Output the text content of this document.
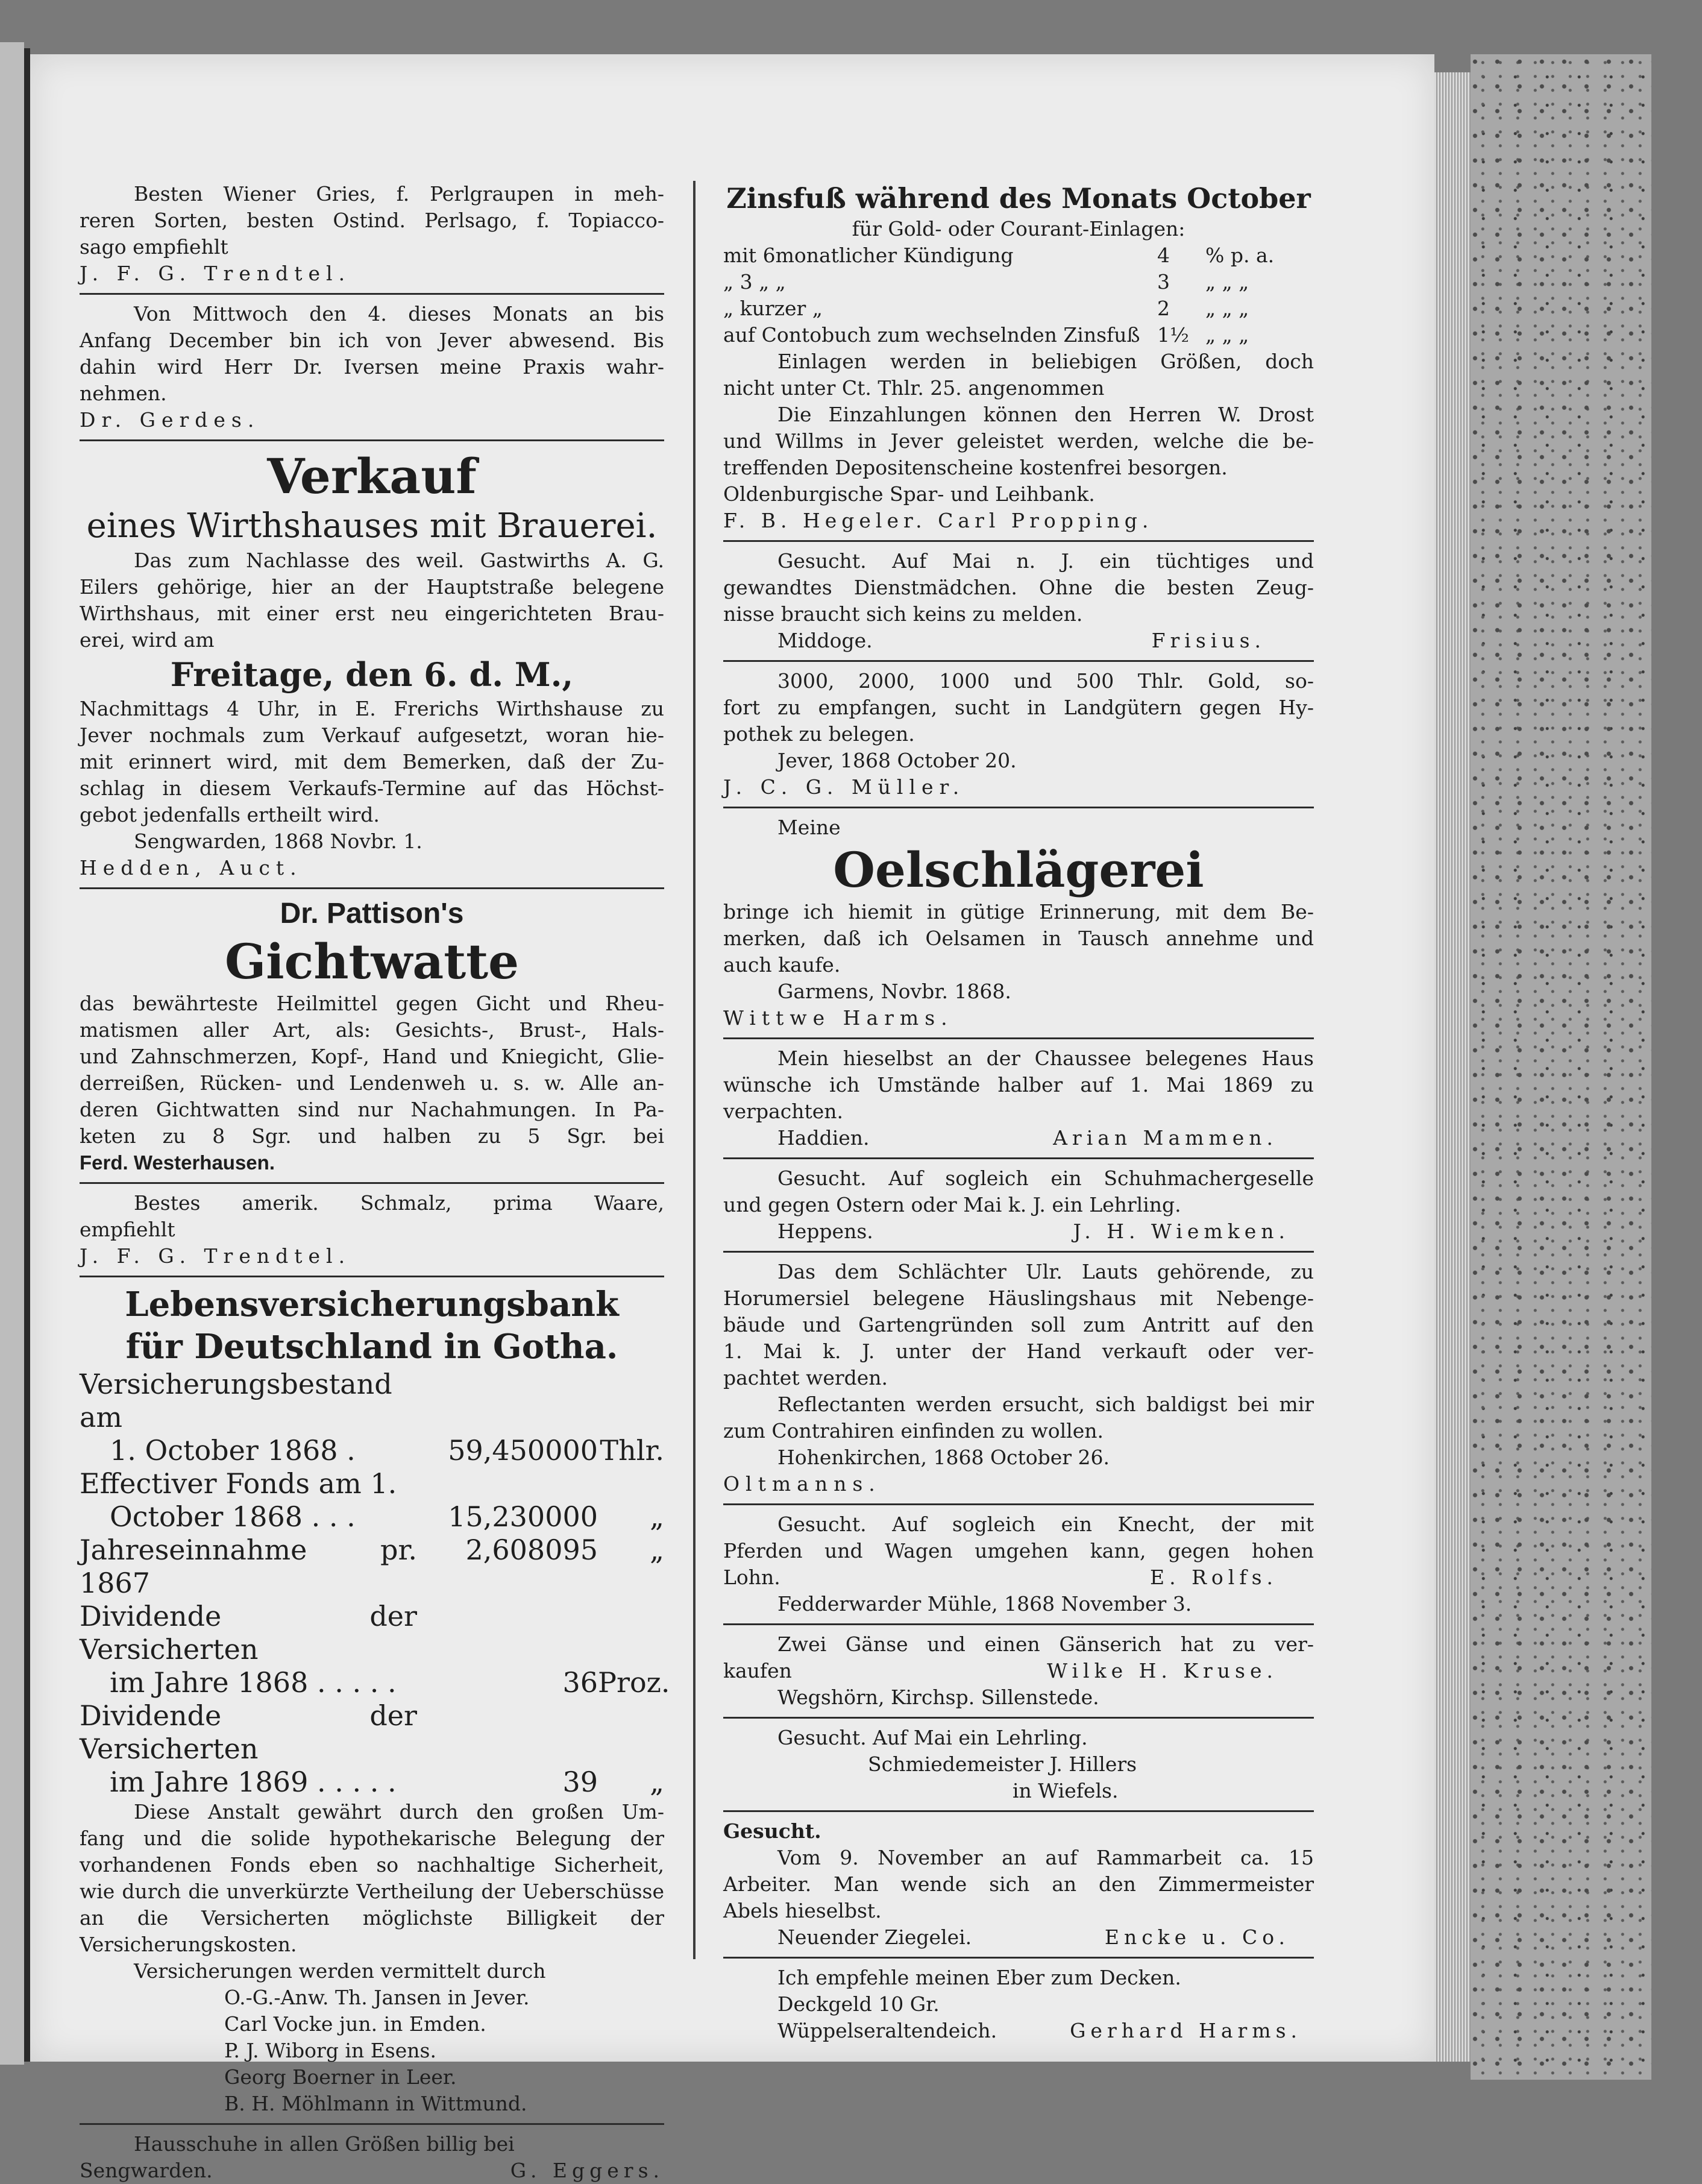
Besten Wiener Gries, f. Perlgraupen in meh-
reren Sorten, besten Ostind. Perlsago, f. Topiacco-
sago empfiehlt
J. F. G. Trendtel.
Von Mittwoch den 4. dieses Monats an bis
Anfang December bin ich von Jever abwesend. Bis
dahin wird Herr Dr. Iversen meine Praxis wahr-
nehmen.
Dr. Gerdes.
Verkauf
eines Wirthshauses mit Brauerei.
Das zum Nachlasse des weil. Gastwirths A. G.
Eilers gehörige, hier an der Hauptstraße belegene
Wirthshaus, mit einer erst neu eingerichteten Brau-
erei, wird am
Freitage, den 6. d. M.,
Nachmittags 4 Uhr, in E. Frerichs Wirthshause zu
Jever nochmals zum Verkauf aufgesetzt, woran hie-
mit erinnert wird, mit dem Bemerken, daß der Zu-
schlag in diesem Verkaufs-Termine auf das Höchst-
gebot jedenfalls ertheilt wird.
Sengwarden, 1868 Novbr. 1.
Hedden, Auct.
Dr. Pattison's
Gichtwatte
das bewährteste Heilmittel gegen Gicht und Rheu-
matismen aller Art, als: Gesichts-, Brust-, Hals-
und Zahnschmerzen, Kopf-, Hand und Kniegicht, Glie-
derreißen, Rücken- und Lendenweh u. s. w. Alle an-
deren Gichtwatten sind nur Nachahmungen. In Pa-
keten zu 8 Sgr. und halben zu 5 Sgr. bei
Ferd. Westerhausen.
Bestes amerik. Schmalz, prima Waare,
empfiehlt
J. F. G. Trendtel.
Lebensversicherungsbank
für Deutschland in Gotha.
Versicherungsbestand am
1. October 1868 .	59,450000 Thlr.
Effectiver Fonds am 1.
October 1868 . . .	15,230000	„
Jahreseinnahme pr. 1867
2,608095	„
Dividende der Versicherten
im Jahre 1868 . . . . .	36 Proz.
Dividende der Versicherten
im Jahre 1869 . . . . .	39	„
Diese Anstalt gewährt durch den großen Um-
fang und die solide hypothekarische Belegung der
vorhandenen Fonds eben so nachhaltige Sicherheit,
wie durch die unverkürzte Vertheilung der Ueberschüsse
an die Versicherten möglichste Billigkeit der
Versicherungskosten.
Versicherungen werden vermittelt durch
O.-G.-Anw. Th. Jansen in Jever.
Carl Vocke jun. in Emden.
P. J. Wiborg in Esens.
Georg Boerner in Leer.
B. H. Möhlmann in Wittmund.
Hausschuhe in allen Größen billig bei
Sengwarden.	G. Eggers.
Zinsfuß während des Monats October
für Gold- oder Courant-Einlagen:
mit 6monatlicher Kündigung	4	% p. a.
„ 3 „ „	3	„ „ „
„ kurzer „	2	„ „ „
auf Contobuch zum wechselnden Zinsfuß 1½ „ „ „
Einlagen werden in beliebigen Größen, doch
nicht unter Ct. Thlr. 25. angenommen
Die Einzahlungen können den Herren W. Drost
und Willms in Jever geleistet werden, welche die be-
treffenden Depositenscheine kostenfrei besorgen.
Oldenburgische Spar- und Leihbank.
F. B. Hegeler. Carl Propping.
Gesucht. Auf Mai n. J. ein tüchtiges und
gewandtes Dienstmädchen. Ohne die besten Zeug-
nisse braucht sich keins zu melden.
Middoge.	Frisius.
3000, 2000, 1000 und 500 Thlr. Gold, so-
fort zu empfangen, sucht in Landgütern gegen Hy-
pothek zu belegen.
Jever, 1868 October 20.
J. C. G. Müller.
Meine
Oelschlägerei
bringe ich hiemit in gütige Erinnerung, mit dem Be-
merken, daß ich Oelsamen in Tausch annehme und
auch kaufe.
Garmens, Novbr. 1868.
Wittwe Harms.
Mein hieselbst an der Chaussee belegenes Haus
wünsche ich Umstände halber auf 1. Mai 1869 zu
verpachten.
Haddien.	Arian Mammen.
Gesucht. Auf sogleich ein Schuhmachergeselle
und gegen Ostern oder Mai k. J. ein Lehrling.
Heppens.	J. H. Wiemken.
Das dem Schlächter Ulr. Lauts gehörende, zu
Horumersiel belegene Häuslingshaus mit Nebenge-
bäude und Gartengründen soll zum Antritt auf den
1. Mai k. J. unter der Hand verkauft oder ver-
pachtet werden.
Reflectanten werden ersucht, sich baldigst bei mir
zum Contrahiren einfinden zu wollen.
Hohenkirchen, 1868 October 26.
Oltmanns.
Gesucht. Auf sogleich ein Knecht, der mit
Pferden und Wagen umgehen kann, gegen hohen
Lohn.	E. Rolfs.
Fedderwarder Mühle, 1868 November 3.
Zwei Gänse und einen Gänserich hat zu ver-
kaufen	Wilke H. Kruse.
Wegshörn, Kirchsp. Sillenstede.
Gesucht. Auf Mai ein Lehrling.
Schmiedemeister J. Hillers
in Wiefels.
Gesucht.
Vom 9. November an auf Rammarbeit ca. 15
Arbeiter. Man wende sich an den Zimmermeister
Abels hieselbst.
Neuender Ziegelei.	Encke u. Co.
Ich empfehle meinen Eber zum Decken.
Deckgeld 10 Gr.
Wüppelseraltendeich.	Gerhard Harms.
